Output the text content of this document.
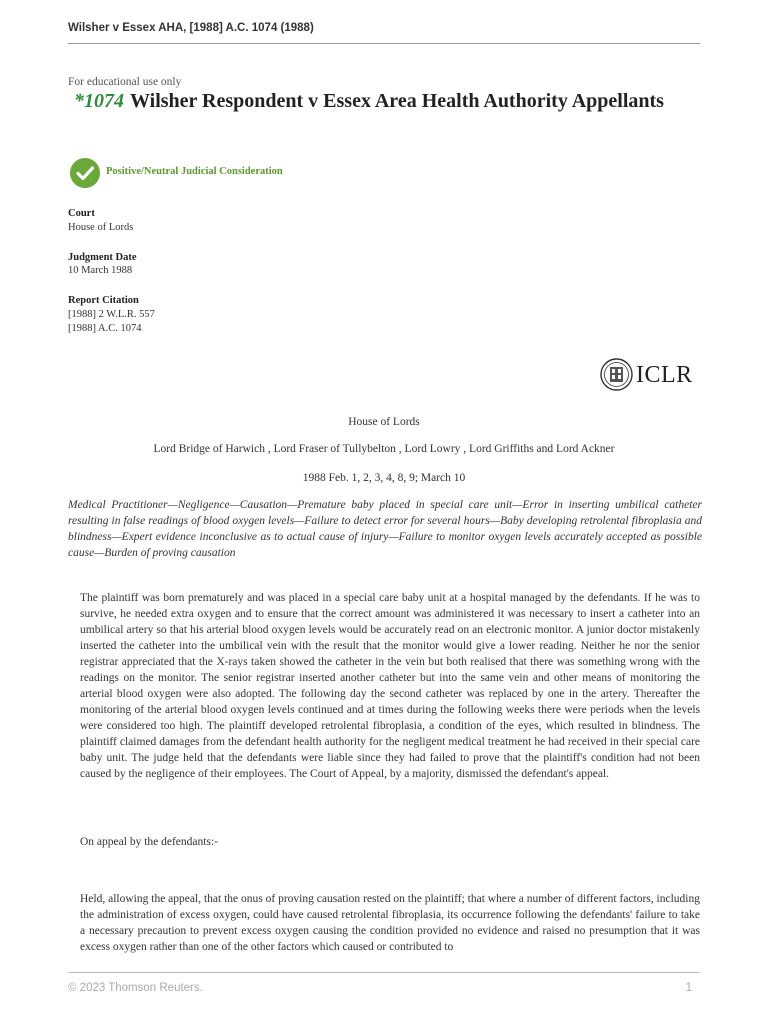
Wilsher v Essex AHA, [1988] A.C. 1074 (1988)
For educational use only
*1074 Wilsher Respondent v Essex Area Health Authority Appellants
Positive/Neutral Judicial Consideration
Court
House of Lords
Judgment Date
10 March 1988
Report Citation
[1988] 2 W.L.R. 557
[1988] A.C. 1074
ICLR
House of Lords
Lord Bridge of Harwich , Lord Fraser of Tullybelton , Lord Lowry , Lord Griffiths and Lord Ackner
1988 Feb. 1, 2, 3, 4, 8, 9; March 10
Medical Practitioner—Negligence—Causation—Premature baby placed in special care unit—Error in inserting umbilical catheter resulting in false readings of blood oxygen levels—Failure to detect error for several hours—Baby developing retrolental fibroplasia and blindness—Expert evidence inconclusive as to actual cause of injury—Failure to monitor oxygen levels accurately accepted as possible cause—Burden of proving causation
The plaintiff was born prematurely and was placed in a special care baby unit at a hospital managed by the defendants. If he was to survive, he needed extra oxygen and to ensure that the correct amount was administered it was necessary to insert a catheter into an umbilical artery so that his arterial blood oxygen levels would be accurately read on an electronic monitor. A junior doctor mistakenly inserted the catheter into the umbilical vein with the result that the monitor would give a lower reading. Neither he nor the senior registrar appreciated that the X-rays taken showed the catheter in the vein but both realised that there was something wrong with the readings on the monitor. The senior registrar inserted another catheter but into the same vein and other means of monitoring the arterial blood oxygen were also adopted. The following day the second catheter was replaced by one in the artery. Thereafter the monitoring of the arterial blood oxygen levels continued and at times during the following weeks there were periods when the levels were considered too high. The plaintiff developed retrolental fibroplasia, a condition of the eyes, which resulted in blindness. The plaintiff claimed damages from the defendant health authority for the negligent medical treatment he had received in their special care baby unit. The judge held that the defendants were liable since they had failed to prove that the plaintiff's condition had not been caused by the negligence of their employees. The Court of Appeal, by a majority, dismissed the defendant's appeal.
On appeal by the defendants:-
Held, allowing the appeal, that the onus of proving causation rested on the plaintiff; that where a number of different factors, including the administration of excess oxygen, could have caused retrolental fibroplasia, its occurrence following the defendants' failure to take a necessary precaution to prevent excess oxygen causing the condition provided no evidence and raised no presumption that it was excess oxygen rather than one of the other factors which caused or contributed to
© 2023 Thomson Reuters.	1
